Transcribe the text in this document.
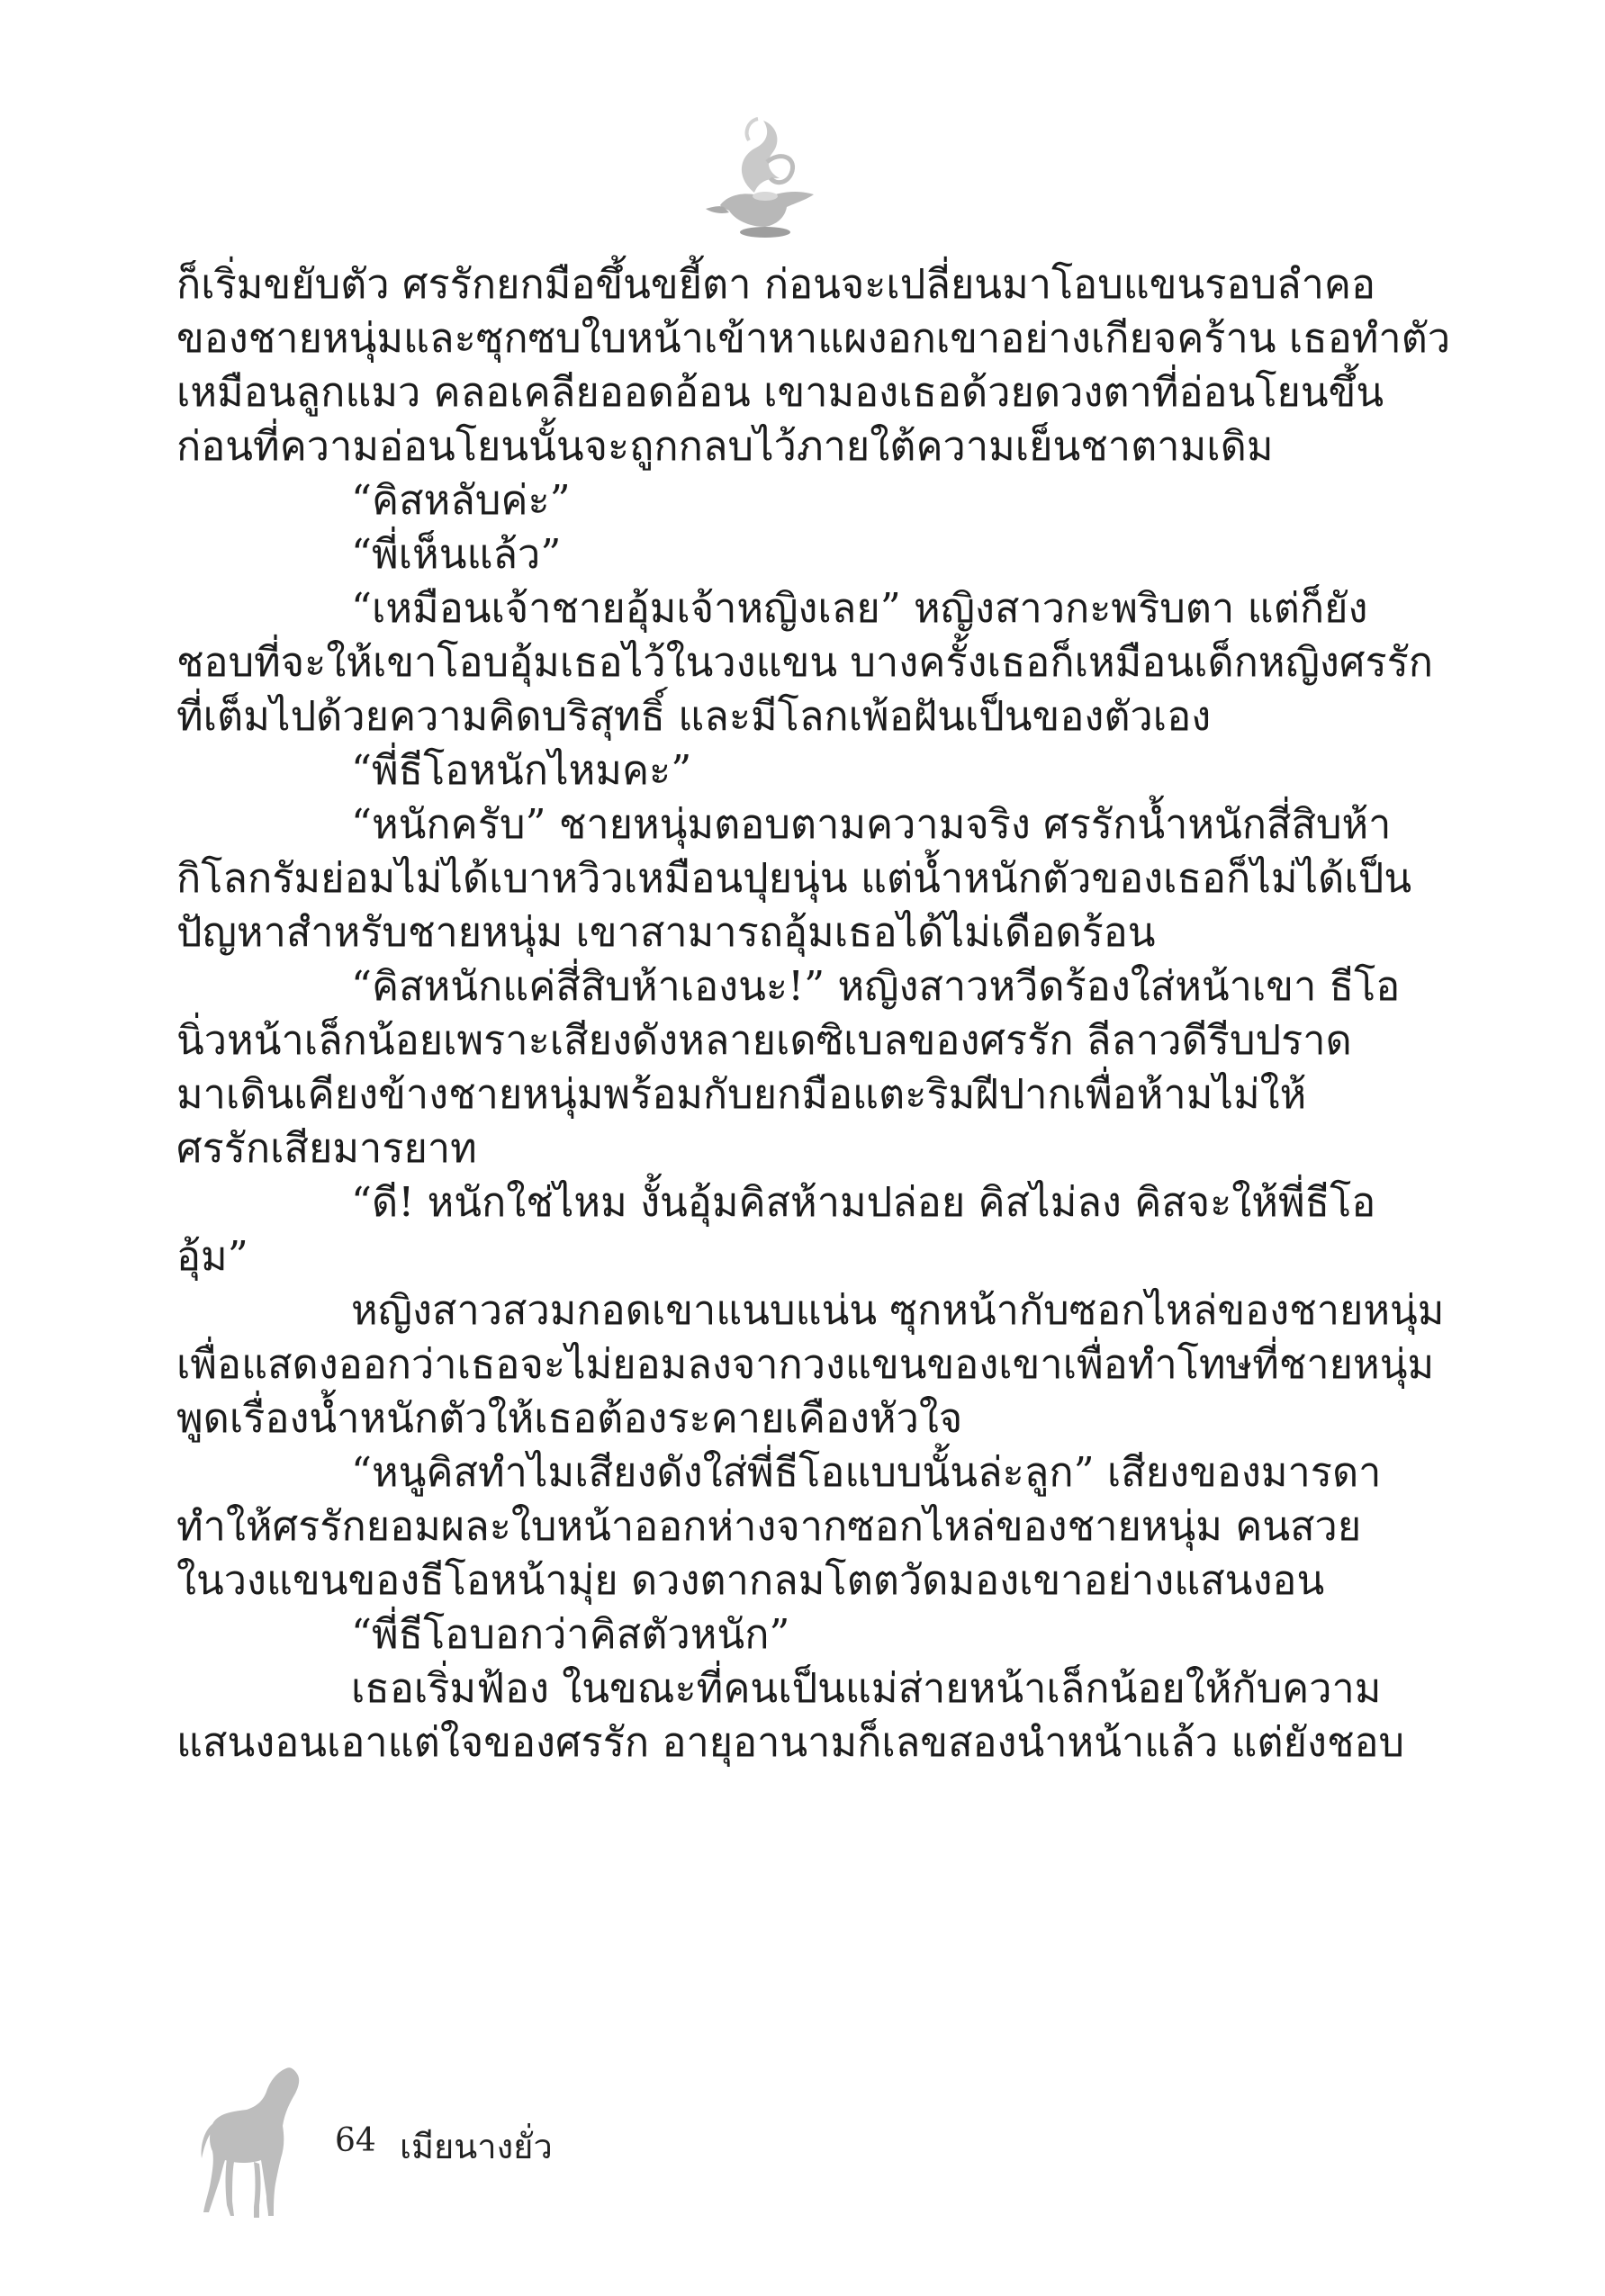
ก็เริ่มขยับตัว ศรรักยกมือขึ้นขยี้ตา ก่อนจะเปลี่ยนมาโอบแขนรอบลำคอ
ของชายหนุ่มและซุกซบใบหน้าเข้าหาแผงอกเขาอย่างเกียจคร้าน เธอทำตัว
เหมือนลูกแมว คลอเคลียออดอ้อน เขามองเธอด้วยดวงตาที่อ่อนโยนขึ้น
ก่อนที่ความอ่อนโยนนั้นจะถูกกลบไว้ภายใต้ความเย็นชาตามเดิม
“คิสหลับค่ะ”
“พี่เห็นแล้ว”
“เหมือนเจ้าชายอุ้มเจ้าหญิงเลย” หญิงสาวกะพริบตา แต่ก็ยัง
ชอบที่จะให้เขาโอบอุ้มเธอไว้ในวงแขน บางครั้งเธอก็เหมือนเด็กหญิงศรรัก
ที่เต็มไปด้วยความคิดบริสุทธิ์ และมีโลกเพ้อฝันเป็นของตัวเอง
“พี่ธีโอหนักไหมคะ”
“หนักครับ” ชายหนุ่มตอบตามความจริง ศรรักน้ำหนักสี่สิบห้า
กิโลกรัมย่อมไม่ได้เบาหวิวเหมือนปุยนุ่น แต่น้ำหนักตัวของเธอก็ไม่ได้เป็น
ปัญหาสำหรับชายหนุ่ม เขาสามารถอุ้มเธอได้ไม่เดือดร้อน
“คิสหนักแค่สี่สิบห้าเองนะ!” หญิงสาวหวีดร้องใส่หน้าเขา ธีโอ
นิ่วหน้าเล็กน้อยเพราะเสียงดังหลายเดซิเบลของศรรัก ลีลาวดีรีบปราด
มาเดินเคียงข้างชายหนุ่มพร้อมกับยกมือแตะริมฝีปากเพื่อห้ามไม่ให้
ศรรักเสียมารยาท
“ดี! หนักใช่ไหม งั้นอุ้มคิสห้ามปล่อย คิสไม่ลง คิสจะให้พี่ธีโอ
อุ้ม”
หญิงสาวสวมกอดเขาแนบแน่น ซุกหน้ากับซอกไหล่ของชายหนุ่ม
เพื่อแสดงออกว่าเธอจะไม่ยอมลงจากวงแขนของเขาเพื่อทำโทษที่ชายหนุ่ม
พูดเรื่องน้ำหนักตัวให้เธอต้องระคายเคืองหัวใจ
“หนูคิสทำไมเสียงดังใส่พี่ธีโอแบบนั้นล่ะลูก” เสียงของมารดา
ทำให้ศรรักยอมผละใบหน้าออกห่างจากซอกไหล่ของชายหนุ่ม คนสวย
ในวงแขนของธีโอหน้ามุ่ย ดวงตากลมโตตวัดมองเขาอย่างแสนงอน
“พี่ธีโอบอกว่าคิสตัวหนัก”
เธอเริ่มฟ้อง ในขณะที่คนเป็นแม่ส่ายหน้าเล็กน้อยให้กับความ
แสนงอนเอาแต่ใจของศรรัก อายุอานามก็เลขสองนำหน้าแล้ว แต่ยังชอบ
64 เมียนางยั่ว
